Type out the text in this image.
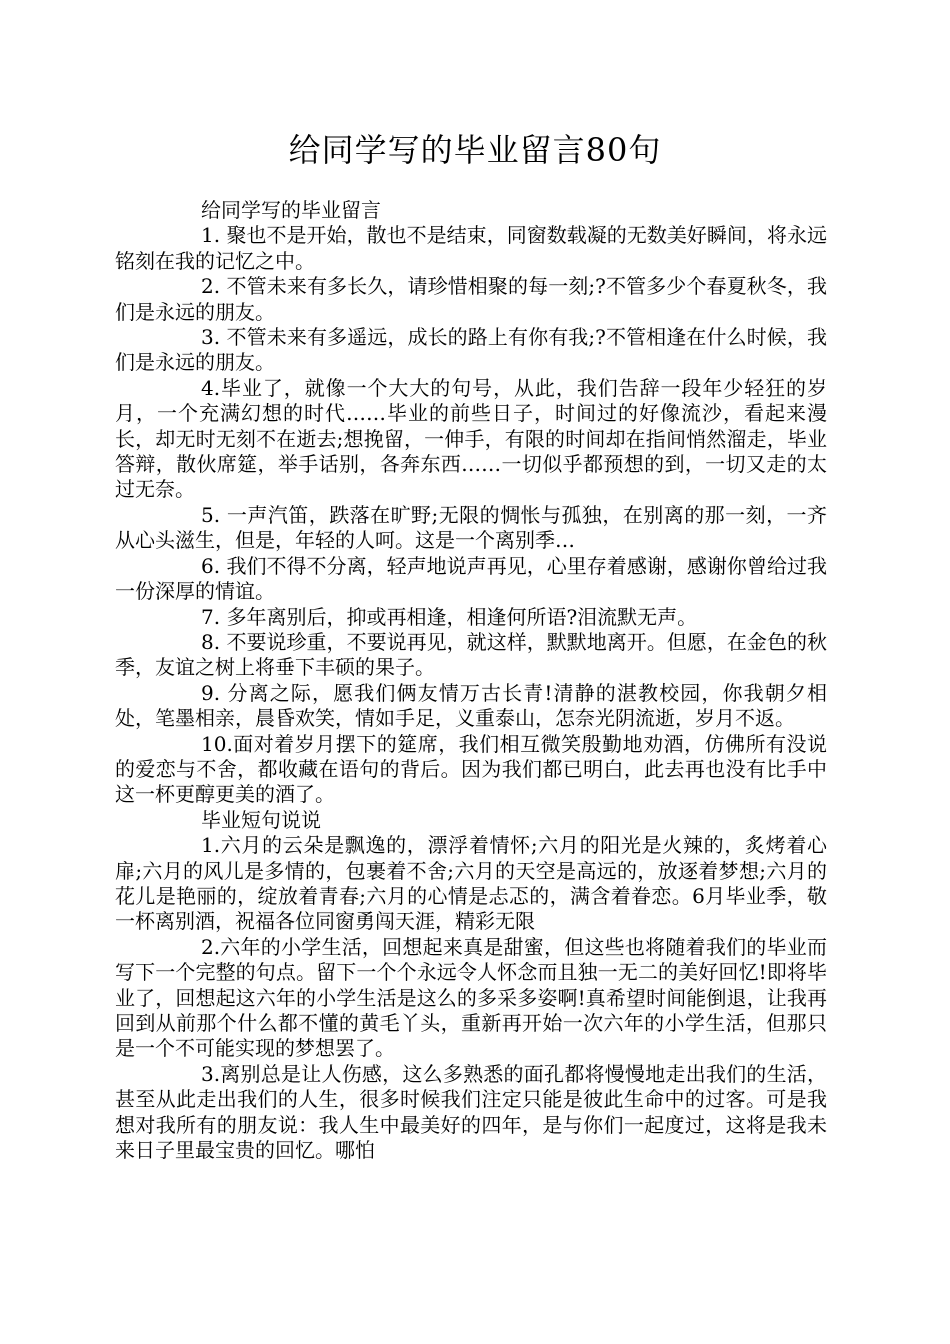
给同学写的毕业留言80句

给同学写的毕业留言

1. 聚也不是开始，散也不是结束，同窗数载凝的无数美好瞬间，将永远铭刻在我的记忆之中。

2. 不管未来有多长久，请珍惜相聚的每一刻;?不管多少个春夏秋冬，我们是永远的朋友。

3. 不管未来有多遥远，成长的路上有你有我;?不管相逢在什么时候，我们是永远的朋友。

4.毕业了，就像一个大大的句号，从此，我们告辞一段年少轻狂的岁月，一个充满幻想的时代……毕业的前些日子，时间过的好像流沙，看起来漫长，却无时无刻不在逝去;想挽留，一伸手，有限的时间却在指间悄然溜走，毕业答辩，散伙席筵，举手话别，各奔东西……一切似乎都预想的到，一切又走的太过无奈。

5. 一声汽笛，跌落在旷野;无限的惆怅与孤独，在别离的那一刻，一齐从心头滋生，但是，年轻的人呵。这是一个离别季…

6. 我们不得不分离，轻声地说声再见，心里存着感谢，感谢你曾给过我一份深厚的情谊。

7. 多年离别后，抑或再相逢，相逢何所语?泪流默无声。

8. 不要说珍重，不要说再见，就这样，默默地离开。但愿，在金色的秋季，友谊之树上将垂下丰硕的果子。

9. 分离之际，愿我们俩友情万古长青!清静的湛教校园，你我朝夕相处，笔墨相亲，晨昏欢笑，情如手足，义重泰山，怎奈光阴流逝，岁月不返。

10.面对着岁月摆下的筵席，我们相互微笑殷勤地劝酒，仿佛所有没说的爱恋与不舍，都收藏在语句的背后。因为我们都已明白，此去再也没有比手中这一杯更醇更美的酒了。

毕业短句说说

1.六月的云朵是飘逸的，漂浮着情怀;六月的阳光是火辣的，炙烤着心扉;六月的风儿是多情的，包裹着不舍;六月的天空是高远的，放逐着梦想;六月的花儿是艳丽的，绽放着青春;六月的心情是忐忑的，满含着眷恋。6月毕业季，敬一杯离别酒，祝福各位同窗勇闯天涯，精彩无限

2.六年的小学生活，回想起来真是甜蜜，但这些也将随着我们的毕业而写下一个完整的句点。留下一个个永远令人怀念而且独一无二的美好回忆!即将毕业了，回想起这六年的小学生活是这么的多采多姿啊!真希望时间能倒退，让我再回到从前那个什么都不懂的黄毛丫头，重新再开始一次六年的小学生活，但那只是一个不可能实现的梦想罢了。

3.离别总是让人伤感，这么多熟悉的面孔都将慢慢地走出我们的生活，甚至从此走出我们的人生，很多时候我们注定只能是彼此生命中的过客。可是我想对我所有的朋友说：我人生中最美好的四年，是与你们一起度过，这将是我未来日子里最宝贵的回忆。哪怕
